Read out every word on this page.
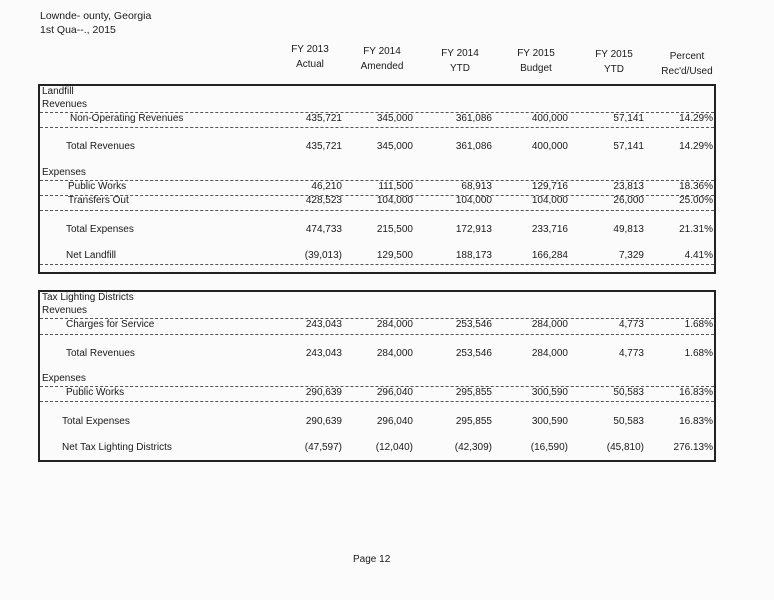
Lownde- ounty, Georgia
1st Qua--., 2015
FY 2013
Actual
FY 2014
Amended
FY 2014
YTD
FY 2015
Budget
FY 2015
YTD
Percent
Rec'd/Used
Landfill
Revenues
Non-Operating Revenues	435,721	345,000	361,086	400,000	57,141	14.29%
Total Revenues	435,721	345,000	361,086	400,000	57,141	14.29%
Expenses
Public Works	46,210	111,500	68,913	129,716	23,813	18.36%
Transfers Out	428,523	104,000	104,000	104,000	26,000	25.00%
Total Expenses	474,733	215,500	172,913	233,716	49,813	21.31%
Net Landfill	(39,013)	129,500	188,173	166,284	7,329	4.41%
Tax Lighting Districts
Revenues
Charges for Service	243,043	284,000	253,546	284,000	4,773	1.68%
Total Revenues	243,043	284,000	253,546	284,000	4,773	1.68%
Expenses
Public Works	290,639	296,040	295,855	300,590	50,583	16.83%
Total Expenses	290,639	296,040	295,855	300,590	50,583	16.83%
Net Tax Lighting Districts	(47,597)	(12,040)	(42,309)	(16,590)	(45,810)	276.13%
Page 12
